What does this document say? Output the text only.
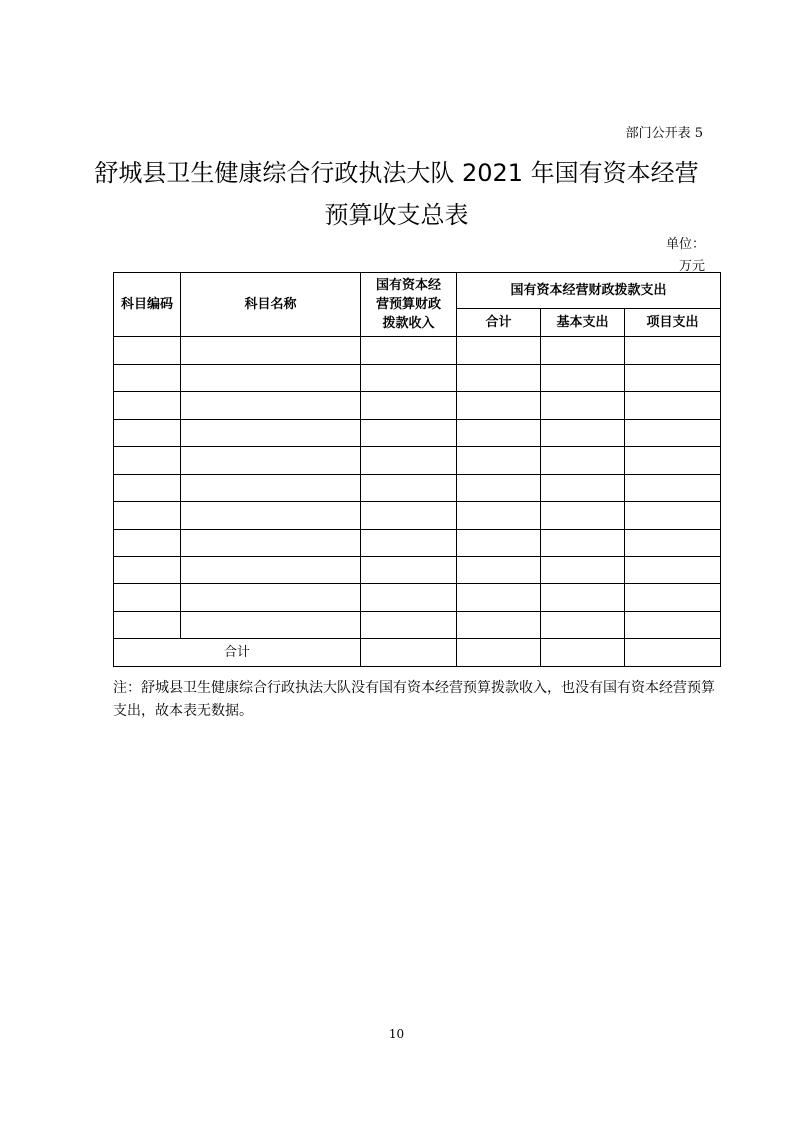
部门公开表 5
舒城县卫生健康综合行政执法大队 2021 年国有资本经营
预算收支总表
单位：
万元
科目编码	科目名称	国有资本经营预算财政拨款收入	国有资本经营财政拨款支出		
			合计	基本支出	项目支出

合计					
注：舒城县卫生健康综合行政执法大队没有国有资本经营预算拨款收入，也没有国有资本经营预算支出，故本表无数据。
10
